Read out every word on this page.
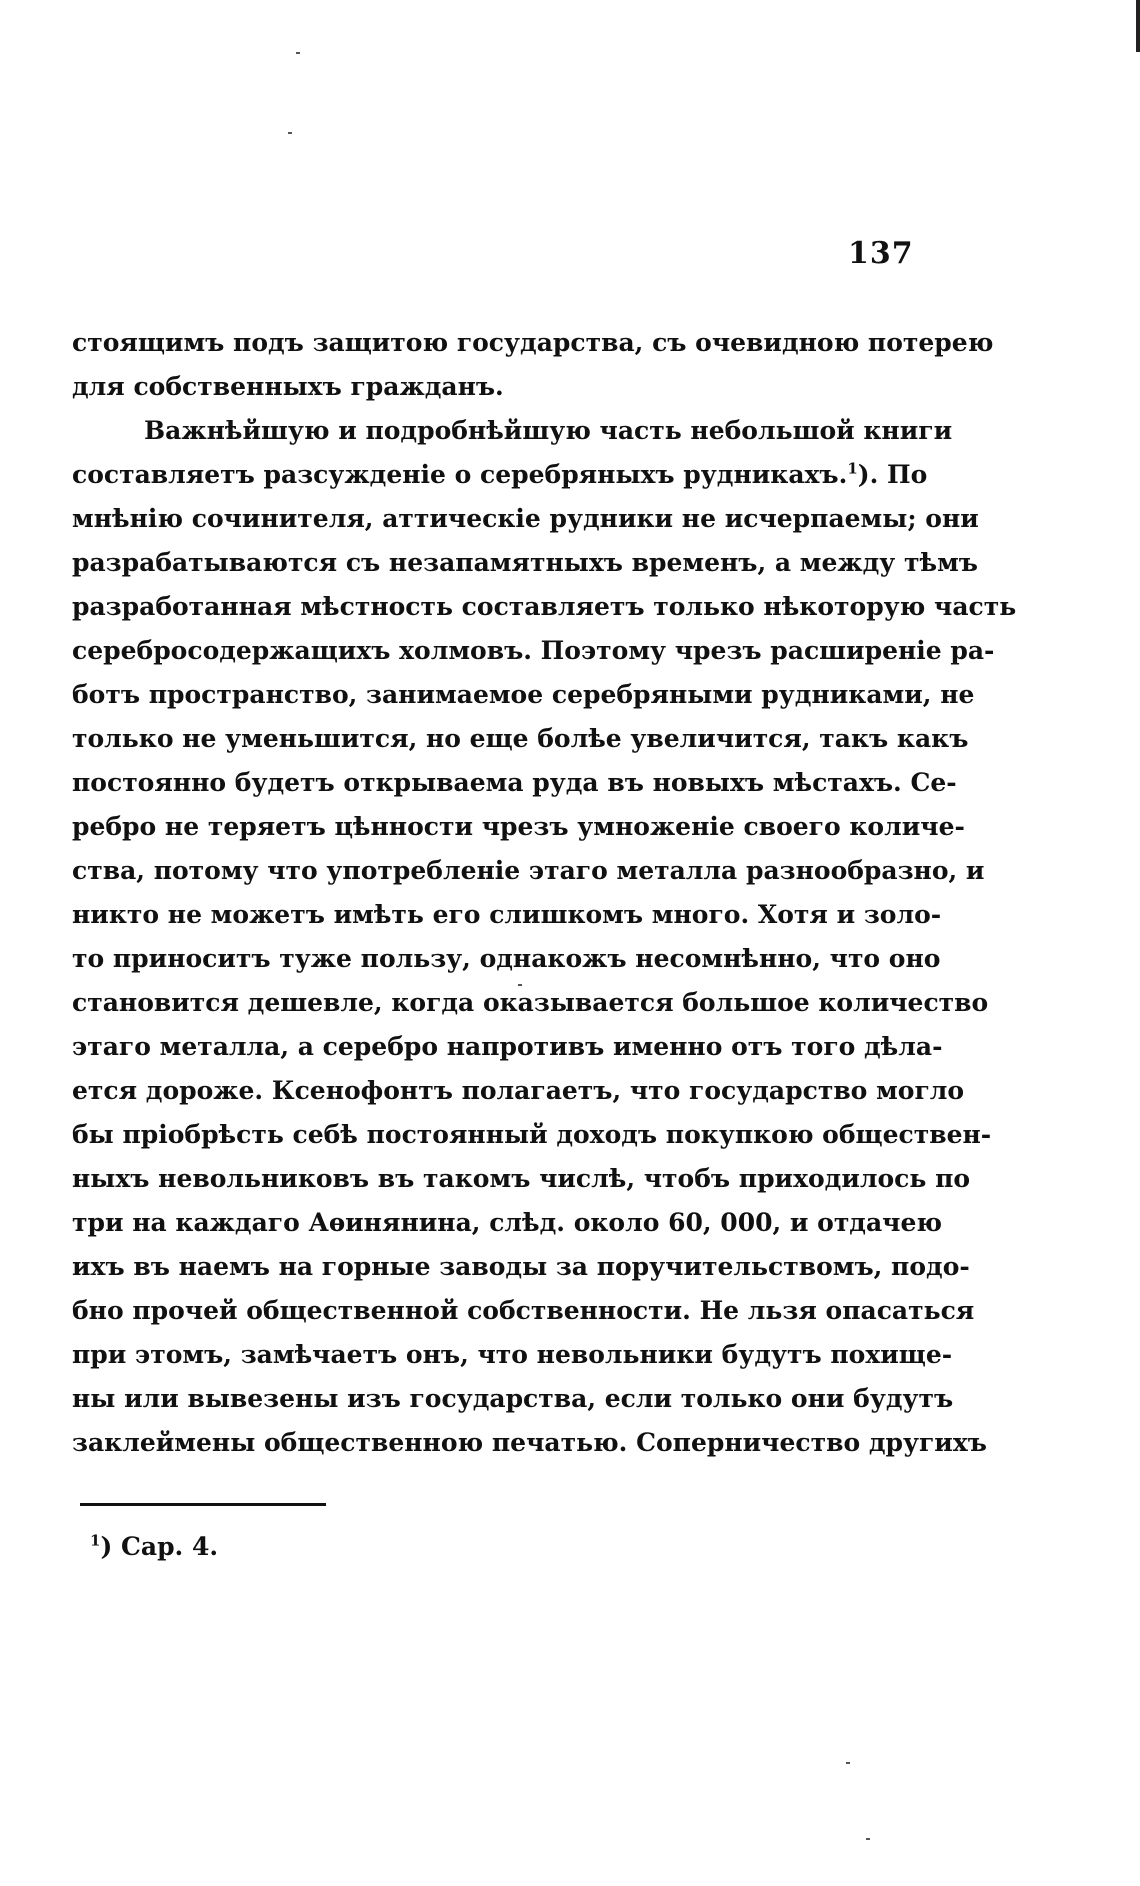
137
стоящимъ подъ защитою государства, съ очевидною потерею
для собственныхъ гражданъ.
Важнѣйшую и подробнѣйшую часть небольшой книги
составляетъ разсужденіе о серебряныхъ рудникахъ.$^1$). По
мнѣнію сочинителя, аттическіе рудники не исчерпаемы; они
разрабатываются съ незапамятныхъ временъ, а между тѣмъ
разработанная мѣстность составляетъ только нѣкоторую часть
серебросодержащихъ холмовъ. Поэтому чрезъ расширеніе ра-
ботъ пространство, занимаемое серебряными рудниками, не
только не уменьшится, но еще болѣе увеличится, такъ какъ
постоянно будетъ открываема руда въ новыхъ мѣстахъ. Се-
ребро не теряетъ цѣнности чрезъ умноженіе своего количе-
ства, потому что употребленіе этаго металла разнообразно, и
никто не можетъ имѣть его слишкомъ много. Хотя и золо-
то приноситъ туже пользу, однакожъ несомнѣнно, что оно
становится дешевле, когда оказывается большое количество
этаго металла, а серебро напротивъ именно отъ того дѣла-
ется дороже. Ксенофонтъ полагаетъ, что государство могло
бы пріобрѣсть себѣ постоянный доходъ покупкою обществен-
ныхъ невольниковъ въ такомъ числѣ, чтобъ приходилось по
три на каждаго Аѳинянина, слѣд. около 60, 000, и отдачею
ихъ въ наемъ на горные заводы за поручительствомъ, подо-
бно прочей общественной собственности. Не льзя опасаться
при этомъ, замѣчаетъ онъ, что невольники будутъ похище-
ны или вывезены изъ государства, если только они будутъ
заклеймены общественною печатью. Соперничество другихъ
$^1$) Cap. 4.
